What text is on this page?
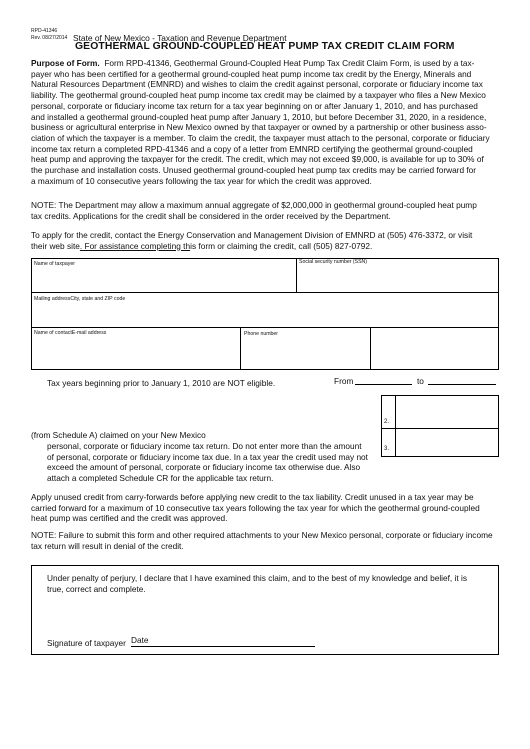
RPD-41346
Rev. 08/27/2014 State of New Mexico - Taxation and Revenue Department
GEOTHERMAL GROUND-COUPLED HEAT PUMP TAX CREDIT CLAIM FORM
Purpose of Form. Form RPD-41346, Geothermal Ground-Coupled Heat Pump Tax Credit Claim Form, is used by a tax-
payer who has been certified for a geothermal ground-coupled heat pump income tax credit by the Energy, Minerals and
Natural Resources Department (EMNRD) and wishes to claim the credit against personal, corporate or fiduciary income tax
liability. The geothermal ground-coupled heat pump income tax credit may be claimed by a taxpayer who files a New Mexico
personal, corporate or fiduciary income tax return for a tax year beginning on or after January 1, 2010, and has purchased
and installed a geothermal ground-coupled heat pump after January 1, 2010, but before December 31, 2020, in a residence,
business or agricultural enterprise in New Mexico owned by that taxpayer or owned by a partnership or other business asso-
ciation of which the taxpayer is a member. To claim the credit, the taxpayer must attach to the personal, corporate or fiduciary
income tax return a completed RPD-41346 and a copy of a letter from EMNRD certifying the geothermal ground-coupled
heat pump and approving the taxpayer for the credit. The credit, which may not exceed $9,000, is available for up to 30% of
the purchase and installation costs. Unused geothermal ground-coupled heat pump tax credits may be carried forward for
a maximum of 10 consecutive years following the tax year for which the credit was approved.
NOTE: The Department may allow a maximum annual aggregate of $2,000,000 in geothermal ground-coupled heat pump
tax credits. Applications for the credit shall be considered in the order received by the Department.
To apply for the credit, contact the Energy Conservation and Management Division of EMNRD at (505) 476-3372, or visit
their web site. For assistance completing this form or claiming the credit, call (505) 827-0792.
Name of taxpayer	Social security number (SSN)
Mailing addressCity, state and ZIP code
Name of contactE-mail address	Phone number
Tax years beginning prior to January 1, 2010 are NOT eligible.	From	to
2.
3.
(from Schedule A) claimed on your New Mexico
personal, corporate or fiduciary income tax return. Do not enter more than the amount
of personal, corporate or fiduciary income tax due. In a tax year the credit used may not
exceed the amount of personal, corporate or fiduciary income tax otherwise due. Also
attach a completed Schedule CR for the applicable tax return.
Apply unused credit from carry-forwards before applying new credit to the tax liability. Credit unused in a tax year may be
carried forward for a maximum of 10 consecutive tax years following the tax year for which the geothermal ground-coupled
heat pump was certified and the credit was approved.
NOTE: Failure to submit this form and other required attachments to your New Mexico personal, corporate or fiduciary income
tax return will result in denial of the credit.
Under penalty of perjury, I declare that I have examined this claim, and to the best of my knowledge and belief, it is
true, correct and complete.
Signature of taxpayer Date
